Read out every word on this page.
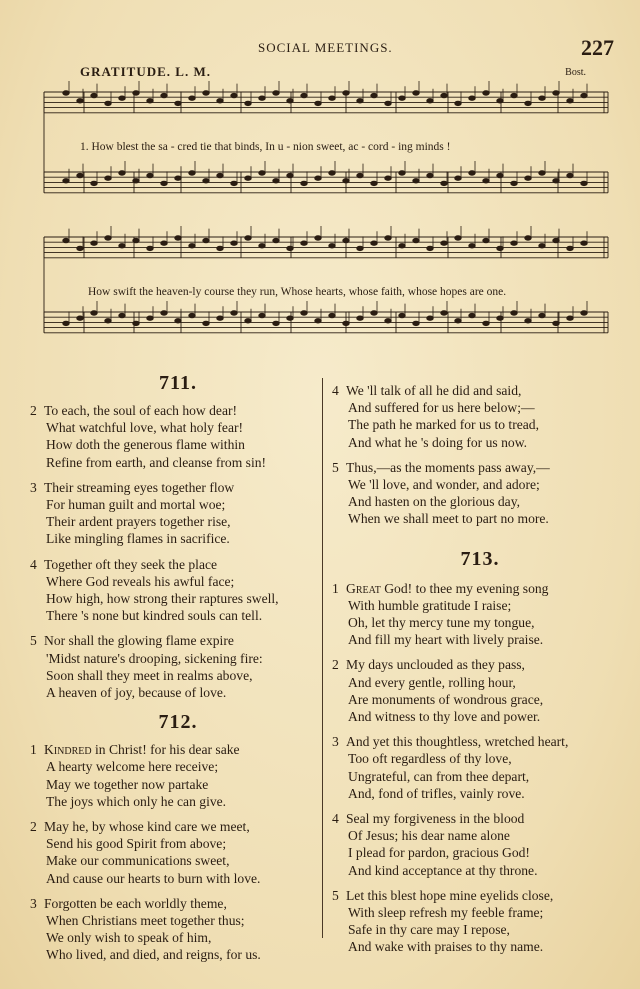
SOCIAL MEETINGS.	227
GRATITUDE. L. M.	Bost.
1. How blest the sa - cred tie that binds, In u - nion sweet, ac - cord - ing minds !
How swift the heaven-ly course they run, Whose hearts, whose faith, whose hopes are one.
711.
2 To each, the soul of each how dear!
What watchful love, what holy fear!
How doth the generous flame within
Refine from earth, and cleanse from sin!
3 Their streaming eyes together flow
For human guilt and mortal woe;
Their ardent prayers together rise,
Like mingling flames in sacrifice.
4 Together oft they seek the place
Where God reveals his awful face;
How high, how strong their raptures swell,
There 's none but kindred souls can tell.
5 Nor shall the glowing flame expire
'Midst nature's drooping, sickening fire:
Soon shall they meet in realms above,
A heaven of joy, because of love.
712.
1 Kindred in Christ! for his dear sake
A hearty welcome here receive;
May we together now partake
The joys which only he can give.
2 May he, by whose kind care we meet,
Send his good Spirit from above;
Make our communications sweet,
And cause our hearts to burn with love.
3 Forgotten be each worldly theme,
When Christians meet together thus;
We only wish to speak of him,
Who lived, and died, and reigns, for us.
4 We 'll talk of all he did and said,
And suffered for us here below;—
The path he marked for us to tread,
And what he 's doing for us now.
5 Thus,—as the moments pass away,—
We 'll love, and wonder, and adore;
And hasten on the glorious day,
When we shall meet to part no more.
713.
1 Great God! to thee my evening song
With humble gratitude I raise;
Oh, let thy mercy tune my tongue,
And fill my heart with lively praise.
2 My days unclouded as they pass,
And every gentle, rolling hour,
Are monuments of wondrous grace,
And witness to thy love and power.
3 And yet this thoughtless, wretched heart,
Too oft regardless of thy love,
Ungrateful, can from thee depart,
And, fond of trifles, vainly rove.
4 Seal my forgiveness in the blood
Of Jesus; his dear name alone
I plead for pardon, gracious God!
And kind acceptance at thy throne.
5 Let this blest hope mine eyelids close,
With sleep refresh my feeble frame;
Safe in thy care may I repose,
And wake with praises to thy name.
